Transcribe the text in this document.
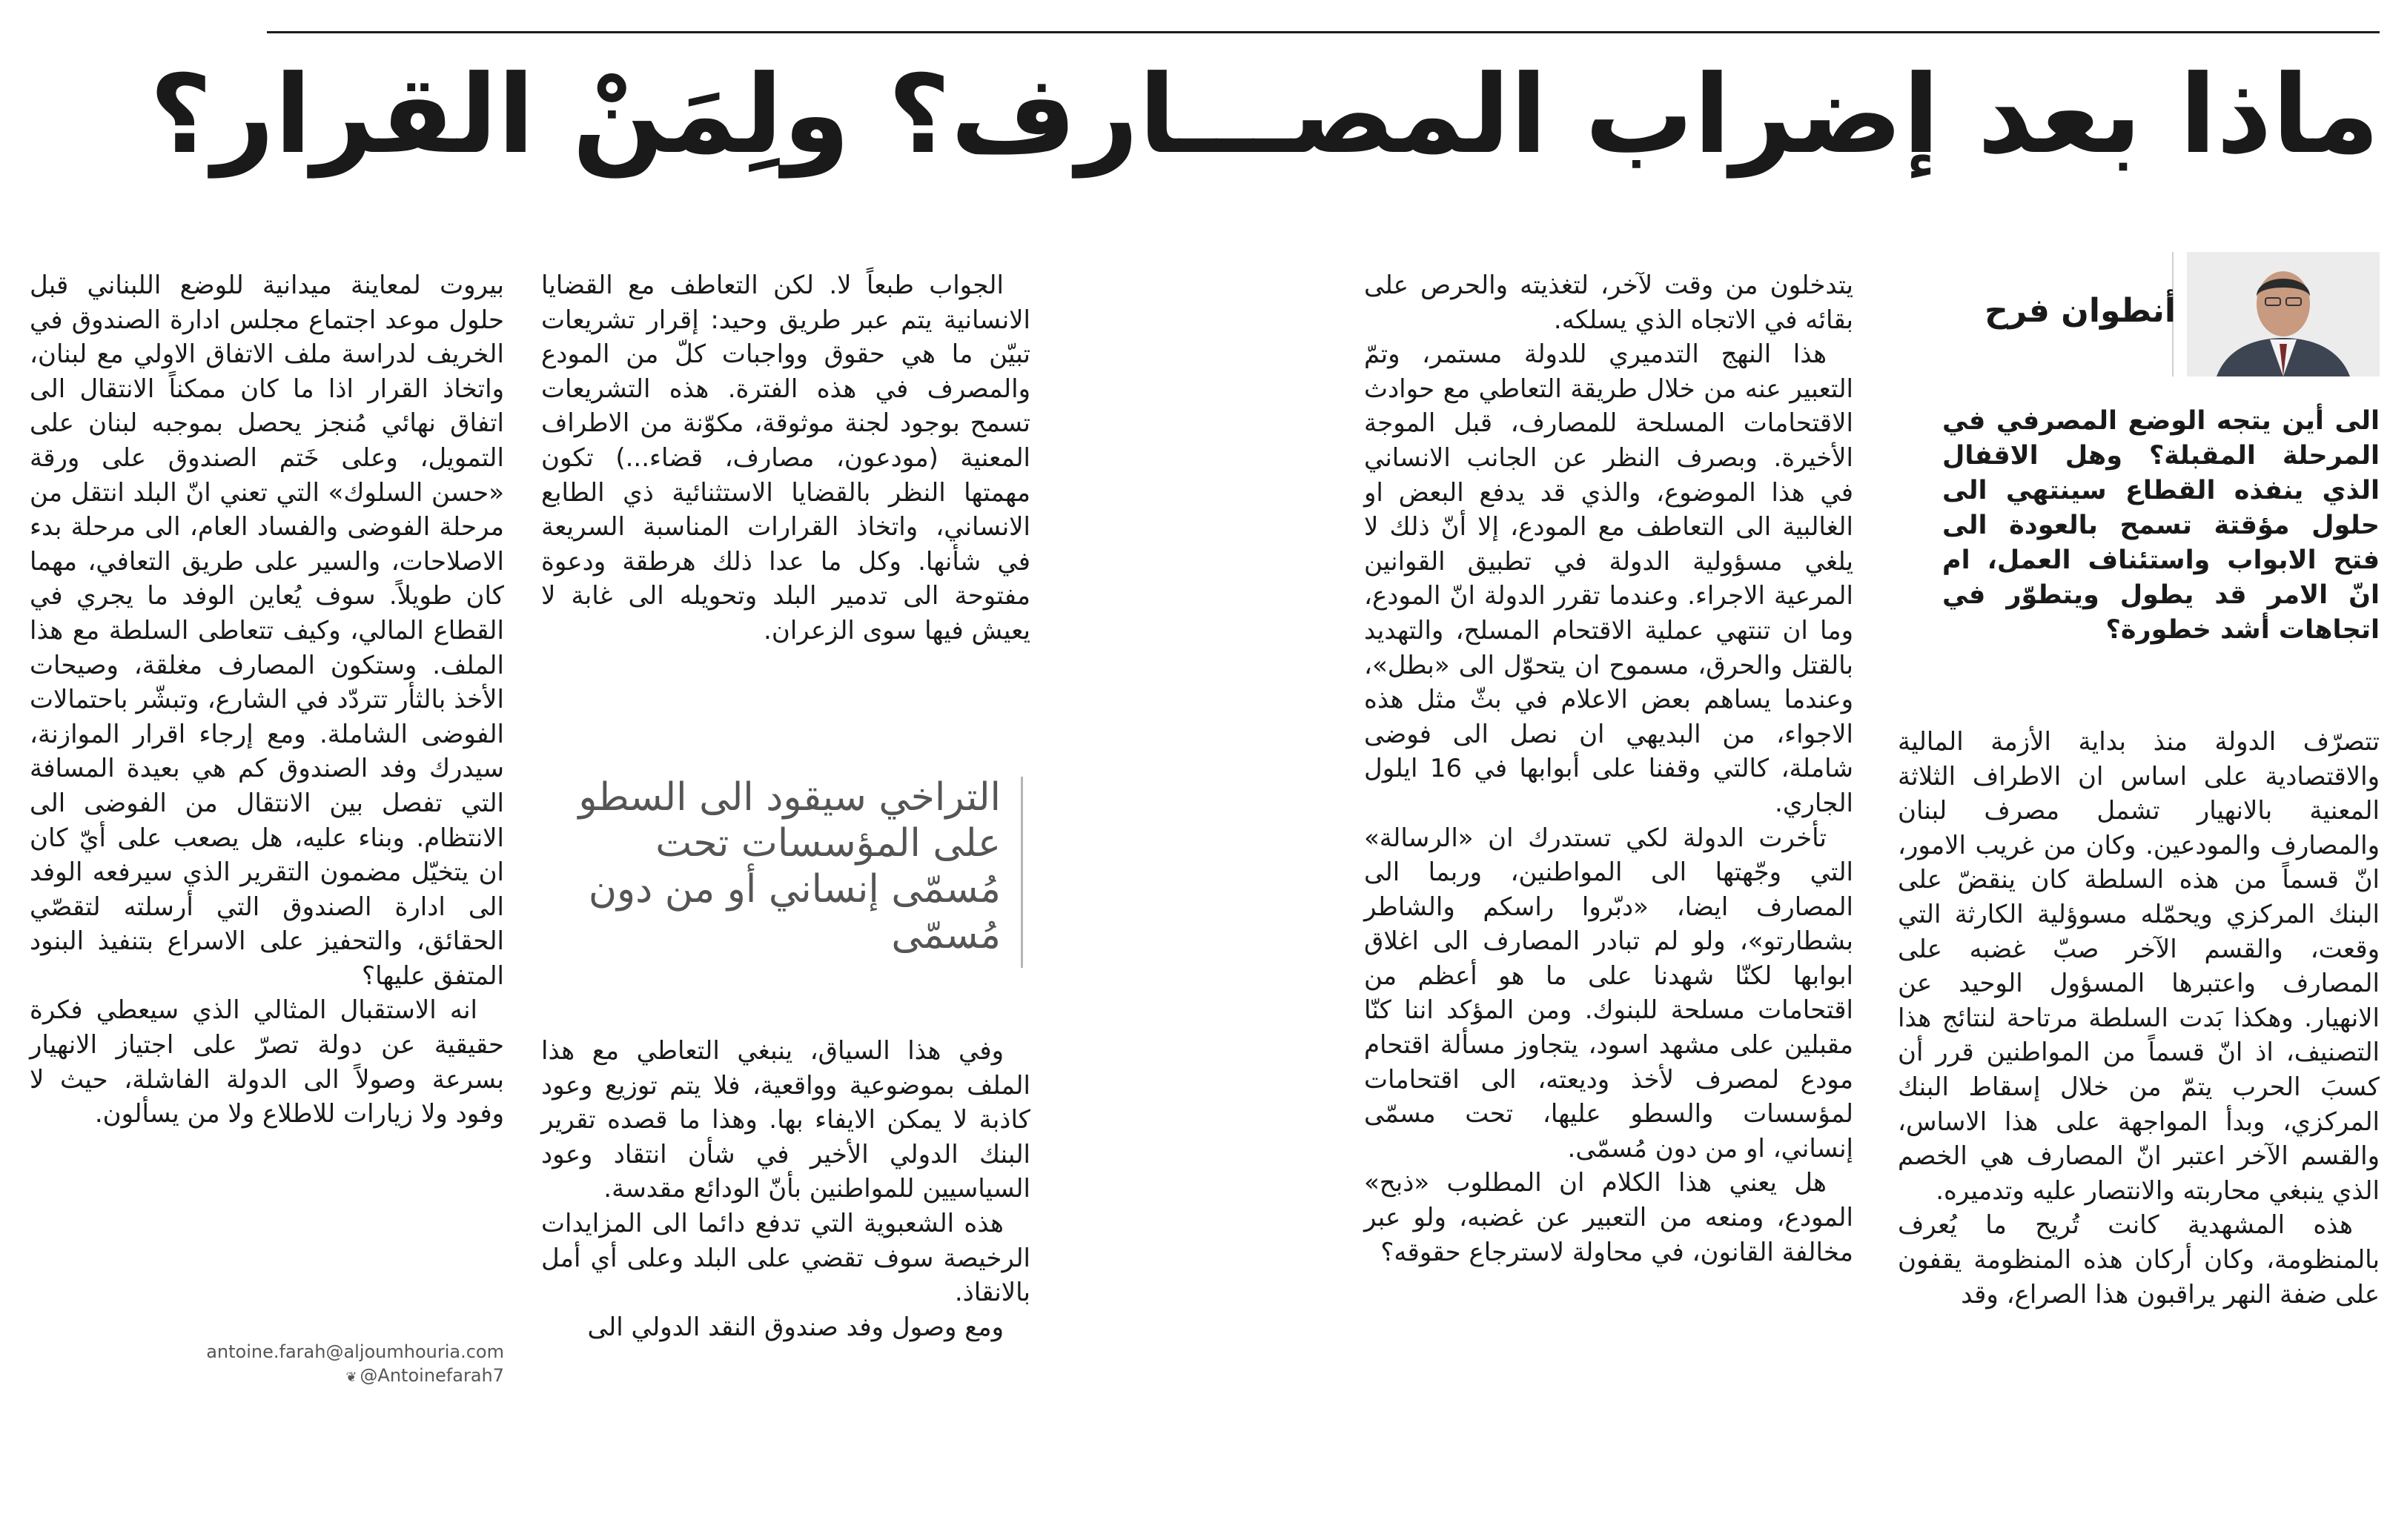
ماذا بعد إضراب المصـــارف؟ ولِمَنْ القرار؟
أنطوان فرح
الى أين يتجه الوضع المصرفي في المرحلة المقبلة؟ وهل الاقفال الذي ينفذه القطاع سينتهي الى حلول مؤقتة تسمح بالعودة الى فتح الابواب واستئناف العمل، ام انّ الامر قد يطول ويتطوّر في اتجاهات أشد خطورة؟

تتصرّف الدولة منذ بداية الأزمة المالية والاقتصادية على اساس ان الاطراف الثلاثة المعنية بالانهيار تشمل مصرف لبنان والمصارف والمودعين. وكان من غريب الامور، انّ قسماً من هذه السلطة كان ينقضّ على البنك المركزي ويحمّله مسوؤلية الكارثة التي وقعت، والقسم الآخر صبّ غضبه على المصارف واعتبرها المسؤول الوحيد عن الانهيار. وهكذا بَدت السلطة مرتاحة لنتائج هذا التصنيف، اذ انّ قسماً من المواطنين قرر أن كسبَ الحرب يتمّ من خلال إسقاط البنك المركزي، وبدأ المواجهة على هذا الاساس، والقسم الآخر اعتبر انّ المصارف هي الخصم الذي ينبغي محاربته والانتصار عليه وتدميره.

هذه المشهدية كانت تُريح ما يُعرف بالمنظومة، وكان أركان هذه المنظومة يقفون على ضفة النهر يراقبون هذا الصراع، وقد

يتدخلون من وقت لآخر، لتغذيته والحرص على بقائه في الاتجاه الذي يسلكه.

هذا النهج التدميري للدولة مستمر، وتمّ التعبير عنه من خلال طريقة التعاطي مع حوادث الاقتحامات المسلحة للمصارف، قبل الموجة الأخيرة. وبصرف النظر عن الجانب الانساني في هذا الموضوع، والذي قد يدفع البعض او الغالبية الى التعاطف مع المودع، إلا أنّ ذلك لا يلغي مسؤولية الدولة في تطبيق القوانين المرعية الاجراء. وعندما تقرر الدولة انّ المودع، وما ان تنتهي عملية الاقتحام المسلح، والتهديد بالقتل والحرق، مسموح ان يتحوّل الى «بطل»، وعندما يساهم بعض الاعلام في بثّ مثل هذه الاجواء، من البديهي ان نصل الى فوضى شاملة، كالتي وقفنا على أبوابها في 16 ايلول الجاري.

تأخرت الدولة لكي تستدرك ان «الرسالة» التي وجّهتها الى المواطنين، وربما الى المصارف ايضا، «دبّروا راسكم والشاطر بشطارتو»، ولو لم تبادر المصارف الى اغلاق ابوابها لكنّا شهدنا على ما هو أعظم من اقتحامات مسلحة للبنوك. ومن المؤكد اننا كنّا مقبلين على مشهد اسود، يتجاوز مسألة اقتحام مودع لمصرف لأخذ وديعته، الى اقتحامات لمؤسسات والسطو عليها، تحت مسمّى إنساني، او من دون مُسمّى.

هل يعني هذا الكلام ان المطلوب «ذبح» المودع، ومنعه من التعبير عن غضبه، ولو عبر مخالفة القانون، في محاولة لاسترجاع حقوقه؟

الجواب طبعاً لا. لكن التعاطف مع القضايا الانسانية يتم عبر طريق وحيد: إقرار تشريعات تبيّن ما هي حقوق وواجبات كلّ من المودع والمصرف في هذه الفترة. هذه التشريعات تسمح بوجود لجنة موثوقة، مكوّنة من الاطراف المعنية (مودعون، مصارف، قضاء...) تكون مهمتها النظر بالقضايا الاستثنائية ذي الطابع الانساني، واتخاذ القرارات المناسبة السريعة في شأنها. وكل ما عدا ذلك هرطقة ودعوة مفتوحة الى تدمير البلد وتحويله الى غابة لا يعيش فيها سوى الزعران.

التراخي سيقود الى السطو على المؤسسات تحت مُسمّى إنساني أو من دون مُسمّى

وفي هذا السياق، ينبغي التعاطي مع هذا الملف بموضوعية وواقعية، فلا يتم توزيع وعود كاذبة لا يمكن الايفاء بها. وهذا ما قصده تقرير البنك الدولي الأخير في شأن انتقاد وعود السياسيين للمواطنين بأنّ الودائع مقدسة.

هذه الشعبوية التي تدفع دائما الى المزايدات الرخيصة سوف تقضي على البلد وعلى أي أمل بالانقاذ.

ومع وصول وفد صندوق النقد الدولي الى

بيروت لمعاينة ميدانية للوضع اللبناني قبل حلول موعد اجتماع مجلس ادارة الصندوق في الخريف لدراسة ملف الاتفاق الاولي مع لبنان، واتخاذ القرار اذا ما كان ممكناً الانتقال الى اتفاق نهائي مُنجز يحصل بموجبه لبنان على التمويل، وعلى خَتم الصندوق على ورقة «حسن السلوك» التي تعني انّ البلد انتقل من مرحلة الفوضى والفساد العام، الى مرحلة بدء الاصلاحات، والسير على طريق التعافي، مهما كان طويلاً. سوف يُعاين الوفد ما يجري في القطاع المالي، وكيف تتعاطى السلطة مع هذا الملف. وستكون المصارف مغلقة، وصيحات الأخذ بالثأر تتردّد في الشارع، وتبشّر باحتمالات الفوضى الشاملة. ومع إرجاء اقرار الموازنة، سيدرك وفد الصندوق كم هي بعيدة المسافة التي تفصل بين الانتقال من الفوضى الى الانتظام. وبناء عليه، هل يصعب على أيّ كان ان يتخيّل مضمون التقرير الذي سيرفعه الوفد الى ادارة الصندوق التي أرسلته لتقصّي الحقائق، والتحفيز على الاسراع بتنفيذ البنود المتفق عليها؟

انه الاستقبال المثالي الذي سيعطي فكرة حقيقية عن دولة تصرّ على اجتياز الانهيار بسرعة وصولاً الى الدولة الفاشلة، حيث لا وفود ولا زيارات للاطلاع ولا من يسألون.

antoine.farah@aljoumhouria.com
❦ @Antoinefarah7
